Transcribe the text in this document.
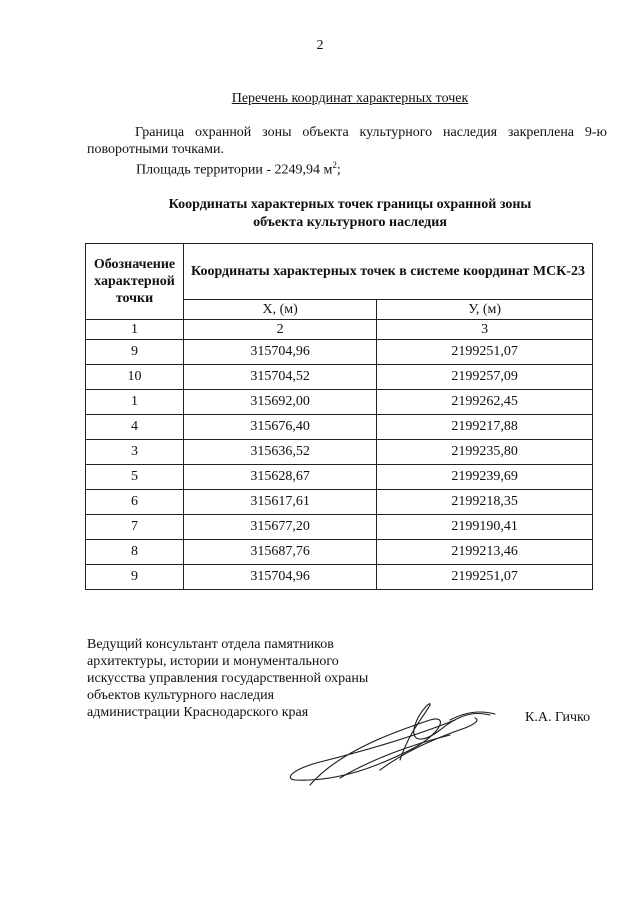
2
Перечень координат характерных точек
Граница охранной зоны объекта культурного наследия закреплена 9-ю
поворотными точками.
Площадь территории - 2249,94 $м^2$;
Координаты характерных точек границы охранной зоны
объекта культурного наследия
Обозначение характерной точки	Координаты характерных точек в системе координат МСК-23	
	Х, (м)	У, (м)
1	2	3
9	315704,96	2199251,07
10	315704,52	2199257,09
1	315692,00	2199262,45
4	315676,40	2199217,88
3	315636,52	2199235,80
5	315628,67	2199239,69
6	315617,61	2199218,35
7	315677,20	2199190,41
8	315687,76	2199213,46
9	315704,96	2199251,07
Ведущий консультант отдела памятников
архитектуры, истории и монументального
искусства управления государственной охраны
объектов культурного наследия
администрации Краснодарского края	К.А. Гичко
